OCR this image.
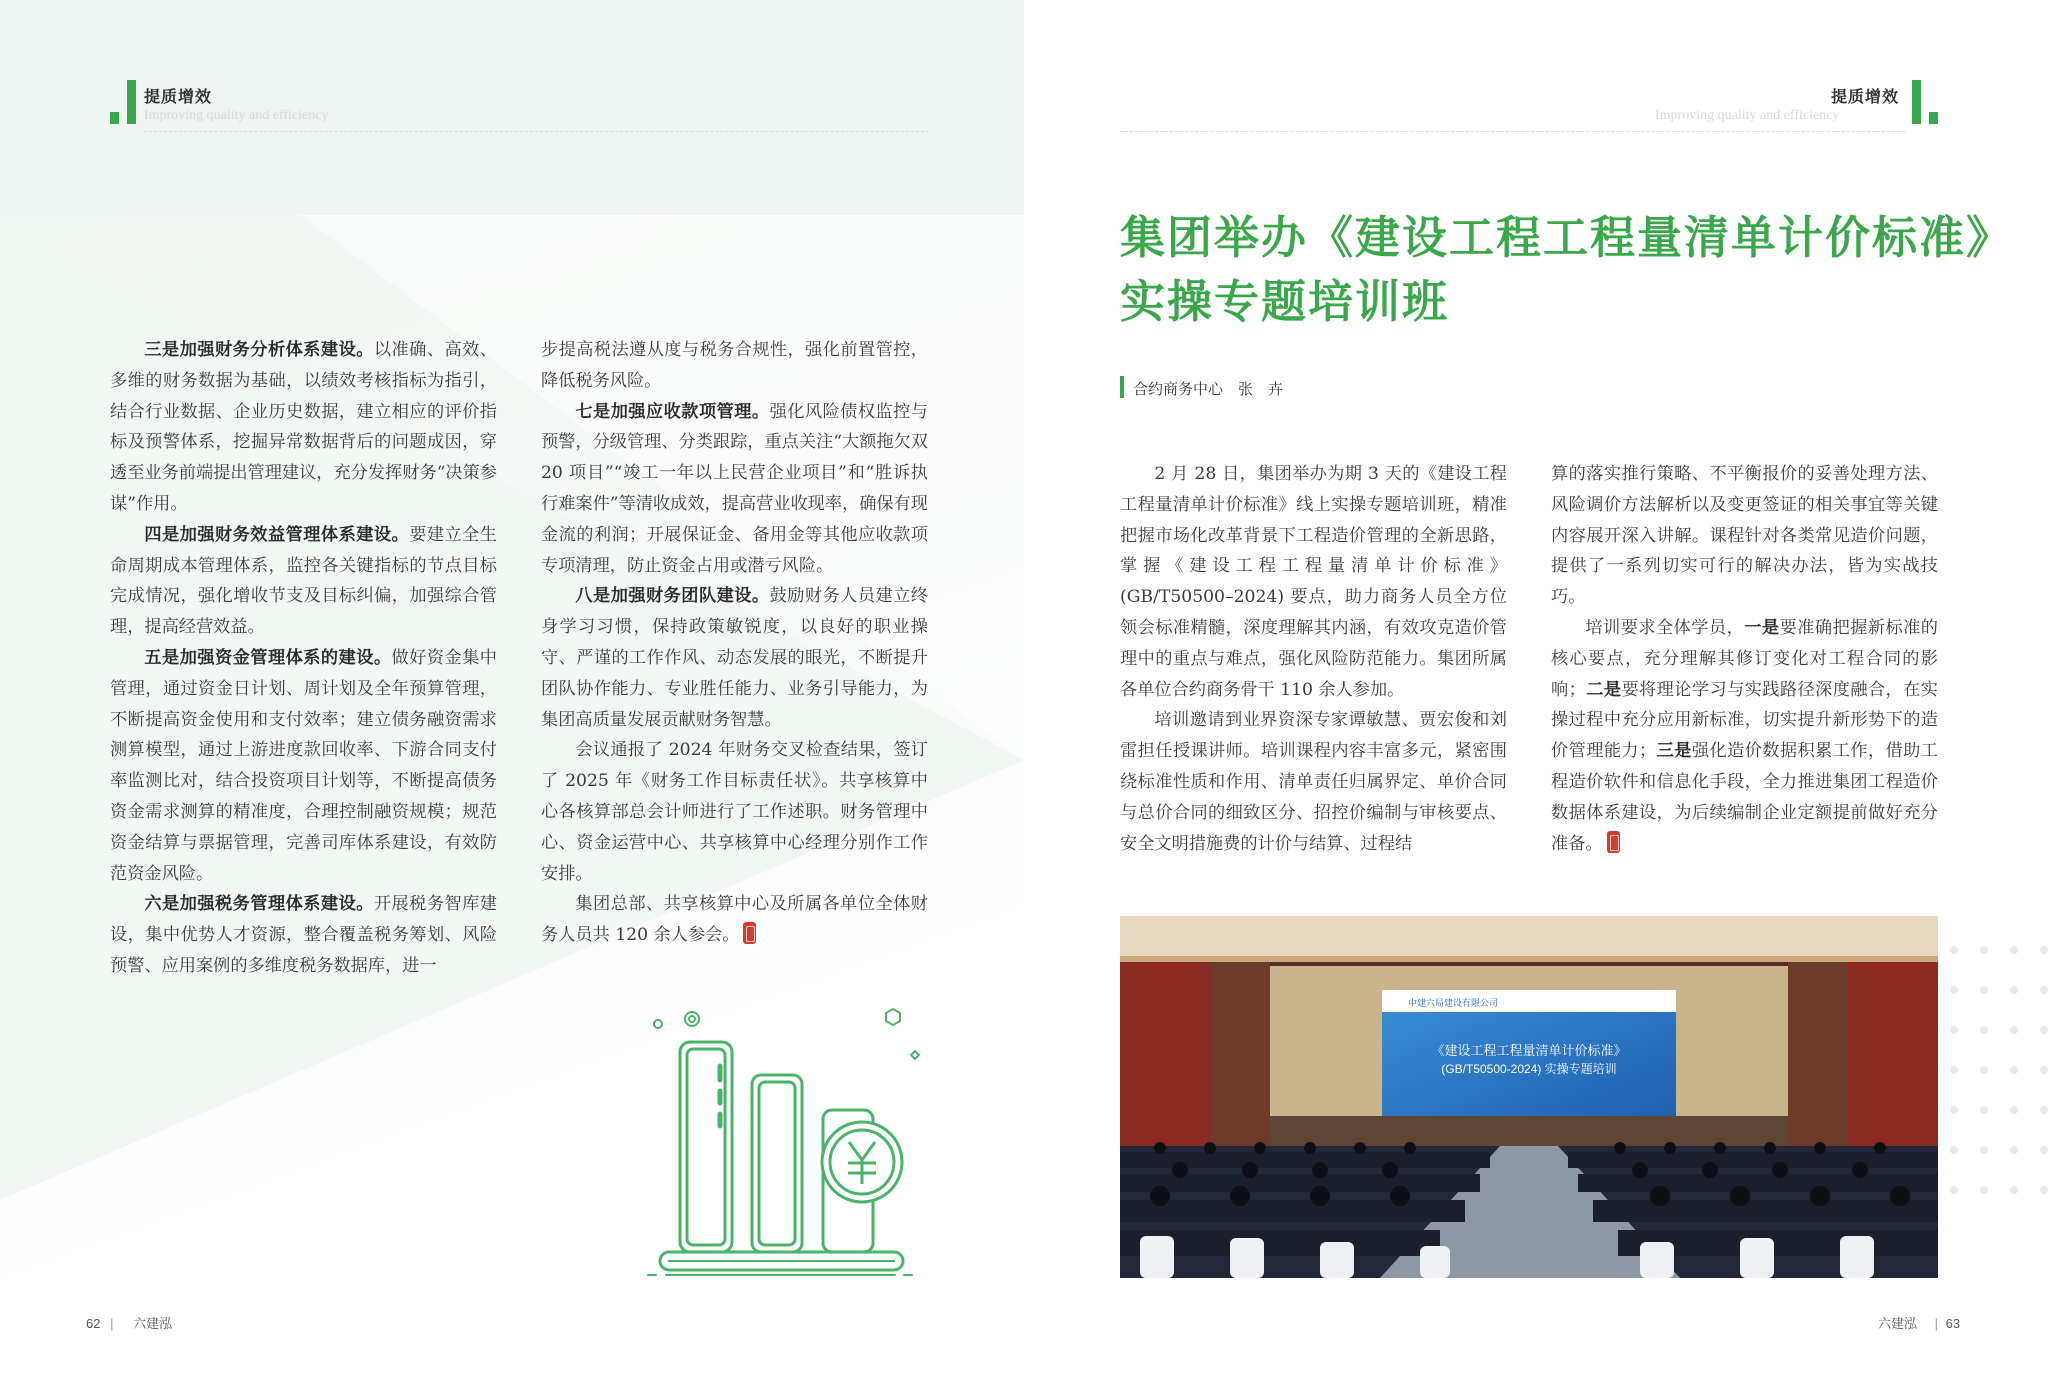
提质增效
Improving quality and efficiency

三是加强财务分析体系建设。以准确、高效、多维的财务数据为基础，以绩效考核指标为指引，结合行业数据、企业历史数据，建立相应的评价指标及预警体系，挖掘异常数据背后的问题成因，穿透至业务前端提出管理建议，充分发挥财务“决策参谋”作用。

四是加强财务效益管理体系建设。要建立全生命周期成本管理体系，监控各关键指标的节点目标完成情况，强化增收节支及目标纠偏，加强综合管理，提高经营效益。

五是加强资金管理体系的建设。做好资金集中管理，通过资金日计划、周计划及全年预算管理，不断提高资金使用和支付效率；建立债务融资需求测算模型，通过上游进度款回收率、下游合同支付率监测比对，结合投资项目计划等，不断提高债务资金需求测算的精准度，合理控制融资规模；规范资金结算与票据管理，完善司库体系建设，有效防范资金风险。

六是加强税务管理体系建设。开展税务智库建设，集中优势人才资源，整合覆盖税务筹划、风险预警、应用案例的多维度税务数据库，进一

步提高税法遵从度与税务合规性，强化前置管控，降低税务风险。

七是加强应收款项管理。强化风险债权监控与预警，分级管理、分类跟踪，重点关注“大额拖欠双 20 项目”“竣工一年以上民营企业项目”和“胜诉执行难案件”等清收成效，提高营业收现率，确保有现金流的利润；开展保证金、备用金等其他应收款项专项清理，防止资金占用或潜亏风险。

八是加强财务团队建设。鼓励财务人员建立终身学习习惯，保持政策敏锐度，以良好的职业操守、严谨的工作作风、动态发展的眼光，不断提升团队协作能力、专业胜任能力、业务引导能力，为集团高质量发展贡献财务智慧。

会议通报了 2024 年财务交叉检查结果，签订了 2025 年《财务工作目标责任状》。共享核算中心各核算部总会计师进行了工作述职。财务管理中心、资金运营中心、共享核算中心经理分别作工作安排。

集团总部、共享核算中心及所属各单位全体财务人员共 120 余人参会。

62 | 六建泓
提质增效
Improving quality and efficiency
集团举办《建设工程工程量清单计价标准》
实操专题培训班
合约商务中心　张　卉

2 月 28 日，集团举办为期 3 天的《建设工程工程量清单计价标准》线上实操专题培训班，精准把握市场化改革背景下工程造价管理的全新思路，掌握《建设工程工程量清单计价标准》(GB/T50500–2024) 要点，助力商务人员全方位领会标准精髓，深度理解其内涵，有效攻克造价管理中的重点与难点，强化风险防范能力。集团所属各单位合约商务骨干 110 余人参加。

培训邀请到业界资深专家谭敏慧、贾宏俊和刘雷担任授课讲师。培训课程内容丰富多元，紧密围绕标准性质和作用、清单责任归属界定、单价合同与总价合同的细致区分、招控价编制与审核要点、安全文明措施费的计价与结算、过程结

算的落实推行策略、不平衡报价的妥善处理方法、风险调价方法解析以及变更签证的相关事宜等关键内容展开深入讲解。课程针对各类常见造价问题，提供了一系列切实可行的解决办法，皆为实战技巧。

培训要求全体学员，一是要准确把握新标准的核心要点，充分理解其修订变化对工程合同的影响；二是要将理论学习与实践路径深度融合，在实操过程中充分应用新标准，切实提升新形势下的造价管理能力；三是强化造价数据积累工作，借助工程造价软件和信息化手段，全力推进集团工程造价数据体系建设，为后续编制企业定额提前做好充分准备。

中建六局建设有限公司
《建设工程工程量清单计价标准》
(GB/T50500-2024) 实操专题培训
六建泓 | 63
